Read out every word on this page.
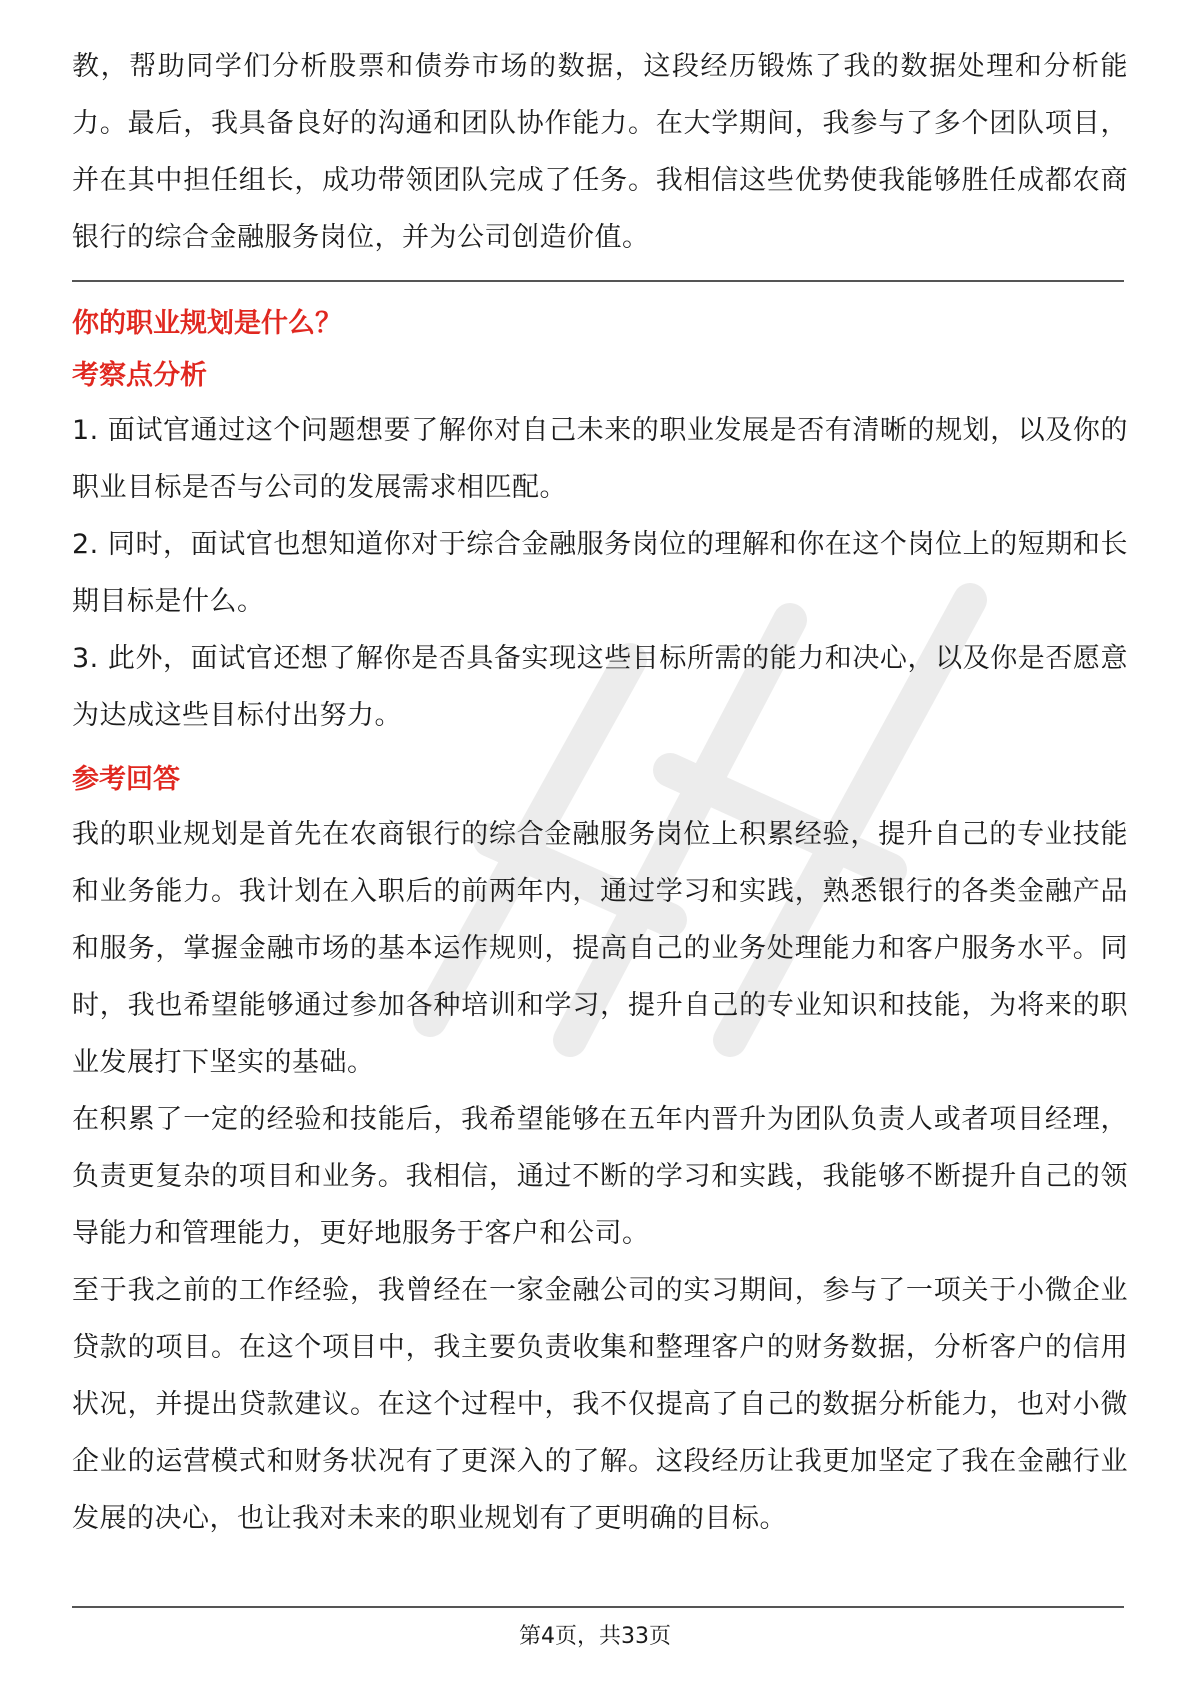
教，帮助同学们分析股票和债券市场的数据，这段经历锻炼了我的数据处理和分析能力。最后，我具备良好的沟通和团队协作能力。在大学期间，我参与了多个团队项目，并在其中担任组长，成功带领团队完成了任务。我相信这些优势使我能够胜任成都农商银行的综合金融服务岗位，并为公司创造价值。

你的职业规划是什么？

考察点分析

1. 面试官通过这个问题想要了解你对自己未来的职业发展是否有清晰的规划，以及你的职业目标是否与公司的发展需求相匹配。

2. 同时，面试官也想知道你对于综合金融服务岗位的理解和你在这个岗位上的短期和长期目标是什么。

3. 此外，面试官还想了解你是否具备实现这些目标所需的能力和决心，以及你是否愿意为达成这些目标付出努力。

参考回答

我的职业规划是首先在农商银行的综合金融服务岗位上积累经验，提升自己的专业技能和业务能力。我计划在入职后的前两年内，通过学习和实践，熟悉银行的各类金融产品和服务，掌握金融市场的基本运作规则，提高自己的业务处理能力和客户服务水平。同时，我也希望能够通过参加各种培训和学习，提升自己的专业知识和技能，为将来的职业发展打下坚实的基础。

在积累了一定的经验和技能后，我希望能够在五年内晋升为团队负责人或者项目经理，负责更复杂的项目和业务。我相信，通过不断的学习和实践，我能够不断提升自己的领导能力和管理能力，更好地服务于客户和公司。

至于我之前的工作经验，我曾经在一家金融公司的实习期间，参与了一项关于小微企业贷款的项目。在这个项目中，我主要负责收集和整理客户的财务数据，分析客户的信用状况，并提出贷款建议。在这个过程中，我不仅提高了自己的数据分析能力，也对小微企业的运营模式和财务状况有了更深入的了解。这段经历让我更加坚定了我在金融行业发展的决心，也让我对未来的职业规划有了更明确的目标。

第4页，共33页
